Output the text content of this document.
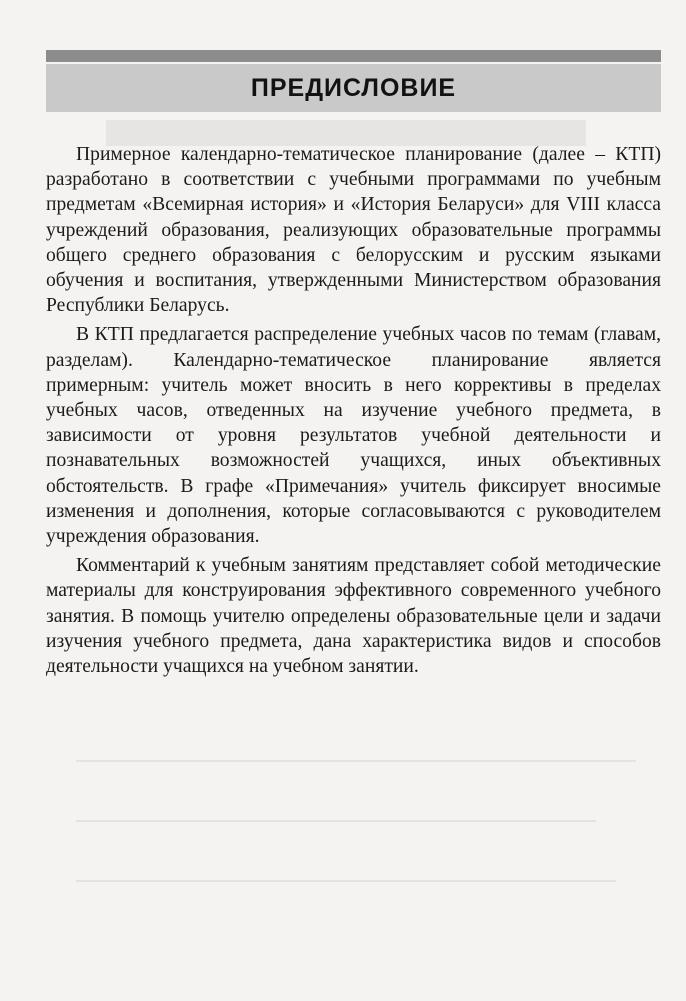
ПРЕДИСЛОВИЕ

Примерное календарно-тематическое планирование (далее – КТП) разработано в соответствии с учебными программами по учебным предметам «Всемирная история» и «История Беларуси» для VIII класса учреждений образования, реализующих образовательные программы общего среднего образования с белорусским и русским языками обучения и воспитания, утвержденными Министерством образования Республики Беларусь.

В КТП предлагается распределение учебных часов по темам (главам, разделам). Календарно-тематическое планирование является примерным: учитель может вносить в него коррективы в пределах учебных часов, отведенных на изучение учебного предмета, в зависимости от уровня результатов учебной деятельности и познавательных возможностей учащихся, иных объективных обстоятельств. В графе «Примечания» учитель фиксирует вносимые изменения и дополнения, которые согласовываются с руководителем учреждения образования.

Комментарий к учебным занятиям представляет собой методические материалы для конструирования эффективного современного учебного занятия. В помощь учителю определены образовательные цели и задачи изучения учебного предмета, дана характеристика видов и способов деятельности учащихся на учебном занятии.
